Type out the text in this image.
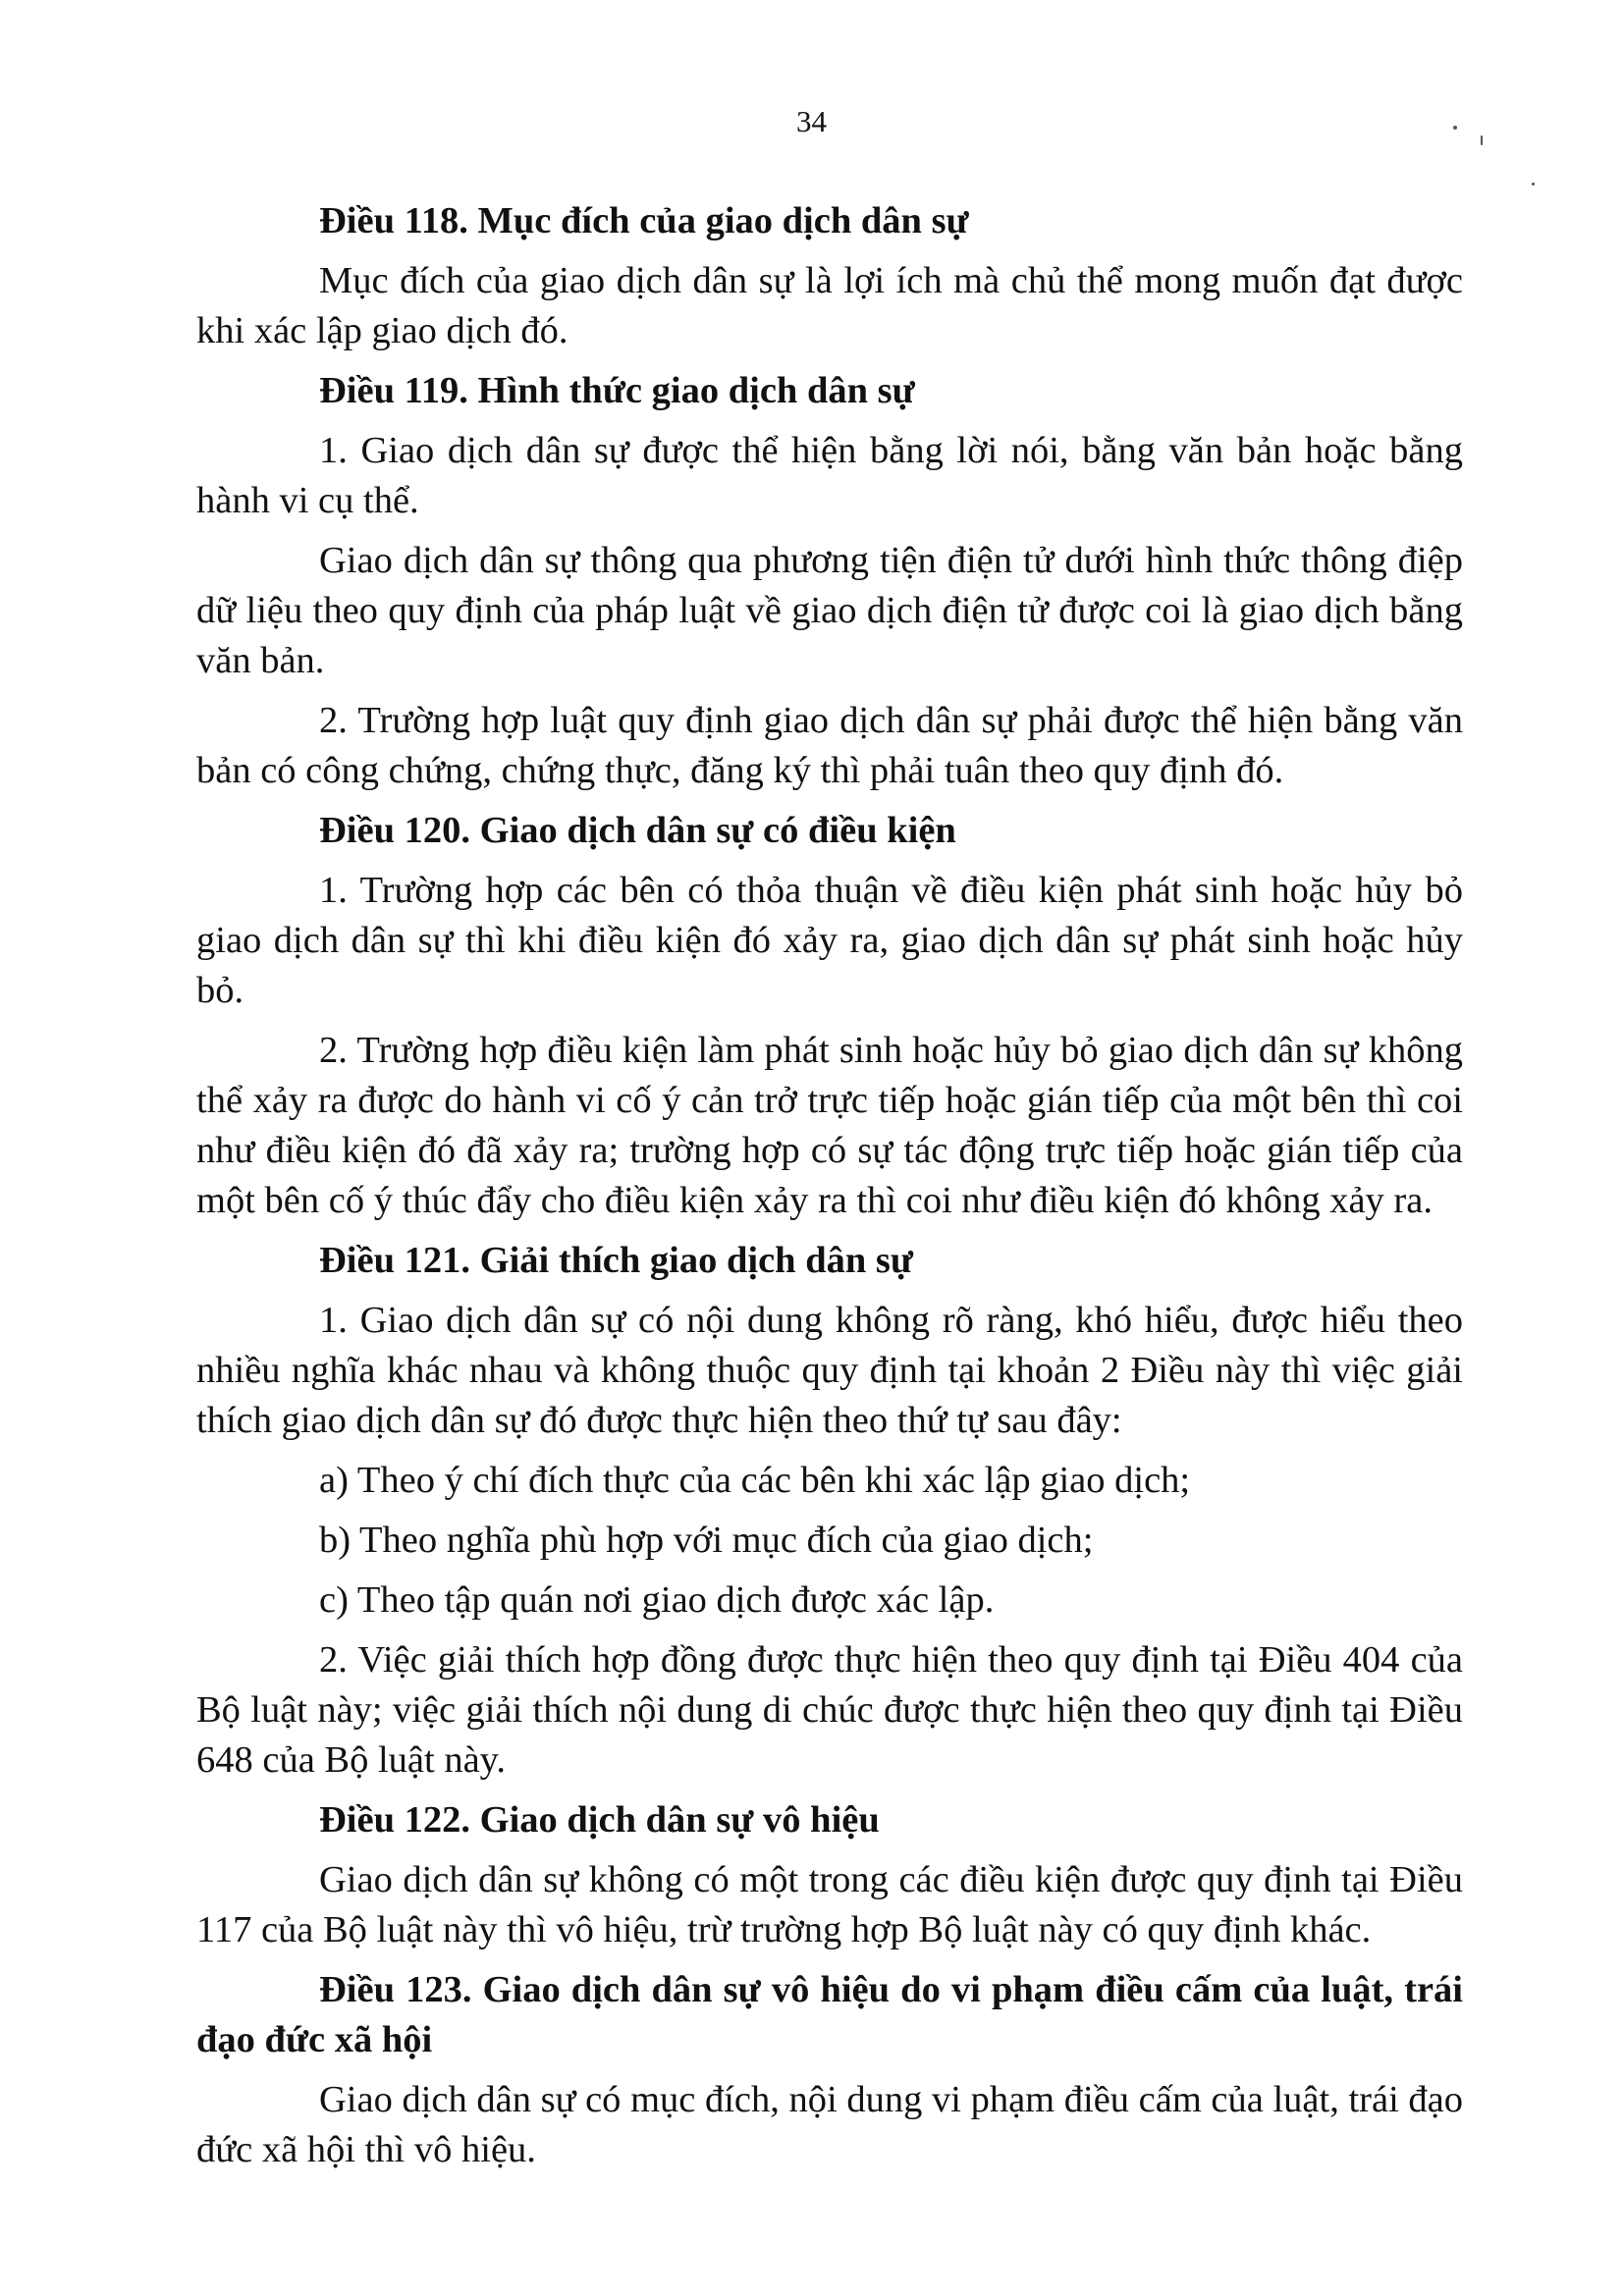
34
Điều 118. Mục đích của giao dịch dân sự
Mục đích của giao dịch dân sự là lợi ích mà chủ thể mong muốn đạt được khi xác lập giao dịch đó.
Điều 119. Hình thức giao dịch dân sự
1. Giao dịch dân sự được thể hiện bằng lời nói, bằng văn bản hoặc bằng hành vi cụ thể.
Giao dịch dân sự thông qua phương tiện điện tử dưới hình thức thông điệp dữ liệu theo quy định của pháp luật về giao dịch điện tử được coi là giao dịch bằng văn bản.
2. Trường hợp luật quy định giao dịch dân sự phải được thể hiện bằng văn bản có công chứng, chứng thực, đăng ký thì phải tuân theo quy định đó.
Điều 120. Giao dịch dân sự có điều kiện
1. Trường hợp các bên có thỏa thuận về điều kiện phát sinh hoặc hủy bỏ giao dịch dân sự thì khi điều kiện đó xảy ra, giao dịch dân sự phát sinh hoặc hủy bỏ.
2. Trường hợp điều kiện làm phát sinh hoặc hủy bỏ giao dịch dân sự không thể xảy ra được do hành vi cố ý cản trở trực tiếp hoặc gián tiếp của một bên thì coi như điều kiện đó đã xảy ra; trường hợp có sự tác động trực tiếp hoặc gián tiếp của một bên cố ý thúc đẩy cho điều kiện xảy ra thì coi như điều kiện đó không xảy ra.
Điều 121. Giải thích giao dịch dân sự
1. Giao dịch dân sự có nội dung không rõ ràng, khó hiểu, được hiểu theo nhiều nghĩa khác nhau và không thuộc quy định tại khoản 2 Điều này thì việc giải thích giao dịch dân sự đó được thực hiện theo thứ tự sau đây:
a) Theo ý chí đích thực của các bên khi xác lập giao dịch;
b) Theo nghĩa phù hợp với mục đích của giao dịch;
c) Theo tập quán nơi giao dịch được xác lập.
2. Việc giải thích hợp đồng được thực hiện theo quy định tại Điều 404 của Bộ luật này; việc giải thích nội dung di chúc được thực hiện theo quy định tại Điều 648 của Bộ luật này.
Điều 122. Giao dịch dân sự vô hiệu
Giao dịch dân sự không có một trong các điều kiện được quy định tại Điều 117 của Bộ luật này thì vô hiệu, trừ trường hợp Bộ luật này có quy định khác.
Điều 123. Giao dịch dân sự vô hiệu do vi phạm điều cấm của luật, trái đạo đức xã hội
Giao dịch dân sự có mục đích, nội dung vi phạm điều cấm của luật, trái đạo đức xã hội thì vô hiệu.
